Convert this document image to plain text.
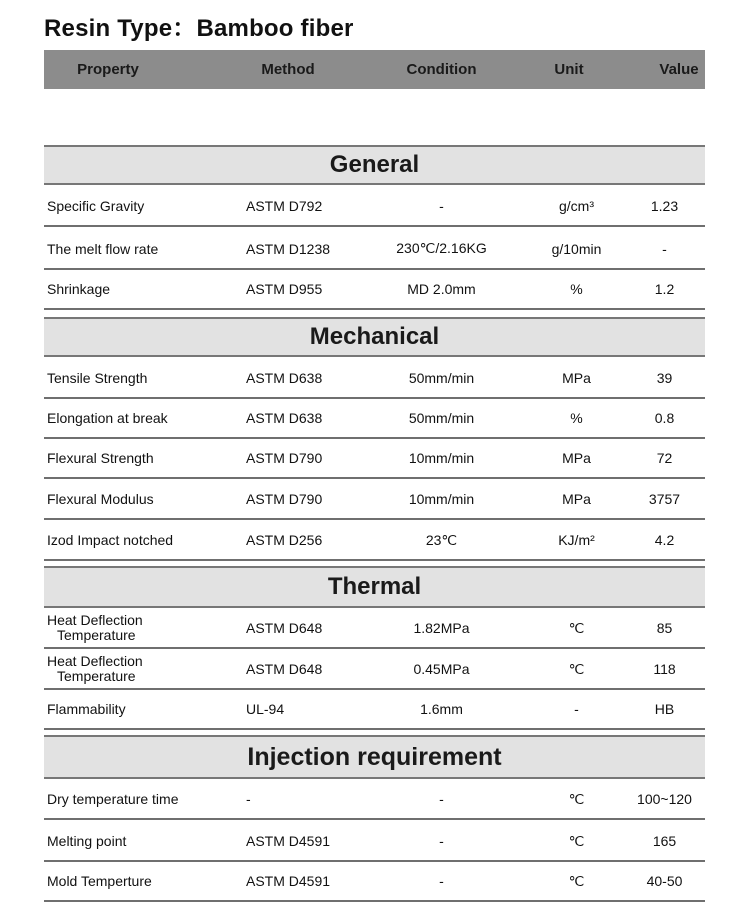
Resin Type：Bamboo fiber
Property	Method	Condition	Unit	Value
General
Specific Gravity	ASTM D792	-	g/cm³	1.23
The melt flow rate	ASTM D1238	230℃/2.16KG	g/10min	-
Shrinkage	ASTM D955	MD 2.0mm	%	1.2
Mechanical
Tensile Strength	ASTM D638	50mm/min	MPa	39
Elongation at break	ASTM D638	50mm/min	%	0.8
Flexural Strength	ASTM D790	10mm/min	MPa	72
Flexural Modulus	ASTM D790	10mm/min	MPa	3757
Izod Impact notched	ASTM D256	23℃	KJ/m²	4.2
Thermal
Heat Deflection
Temperature	ASTM D648	1.82MPa	℃	85
Heat Deflection
Temperature	ASTM D648	0.45MPa	℃	118
Flammability	UL-94	1.6mm	-	HB
Injection requirement
Dry temperature time	-	-	℃	100~120
Melting point	ASTM D4591	-	℃	165
Mold Temperture	ASTM D4591	-	℃	40-50
